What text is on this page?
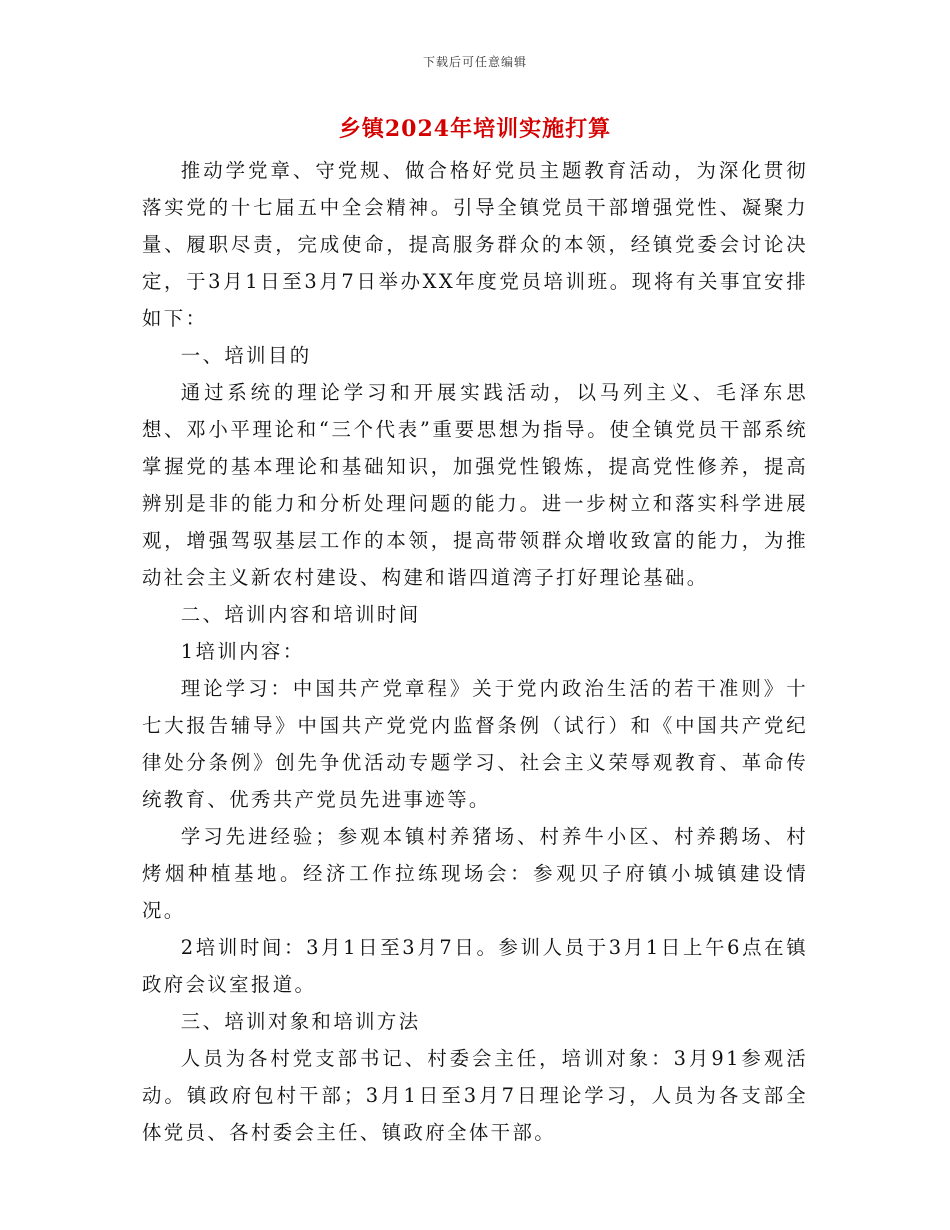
下载后可任意编辑
乡镇2024年培训实施打算

推动学党章、守党规、做合格好党员主题教育活动，为深化贯彻落实党的十七届五中全会精神。引导全镇党员干部增强党性、凝聚力量、履职尽责，完成使命，提高服务群众的本领，经镇党委会讨论决定，于3月1日至3月7日举办XX年度党员培训班。现将有关事宜安排如下：

一、培训目的

通过系统的理论学习和开展实践活动，以马列主义、毛泽东思想、邓小平理论和“三个代表”重要思想为指导。使全镇党员干部系统掌握党的基本理论和基础知识，加强党性锻炼，提高党性修养，提高辨别是非的能力和分析处理问题的能力。进一步树立和落实科学进展观，增强驾驭基层工作的本领，提高带领群众增收致富的能力，为推动社会主义新农村建设、构建和谐四道湾子打好理论基础。

二、培训内容和培训时间

1培训内容：

理论学习：中国共产党章程》关于党内政治生活的若干准则》十七大报告辅导》中国共产党党内监督条例（试行）和《中国共产党纪律处分条例》创先争优活动专题学习、社会主义荣辱观教育、革命传统教育、优秀共产党员先进事迹等。

学习先进经验；参观本镇村养猪场、村养牛小区、村养鹅场、村烤烟种植基地。经济工作拉练现场会：参观贝子府镇小城镇建设情况。

2培训时间：3月1日至3月7日。参训人员于3月1日上午6点在镇政府会议室报道。

三、培训对象和培训方法

人员为各村党支部书记、村委会主任，培训对象：3月91参观活动。镇政府包村干部；3月1日至3月7日理论学习，人员为各支部全体党员、各村委会主任、镇政府全体干部。
